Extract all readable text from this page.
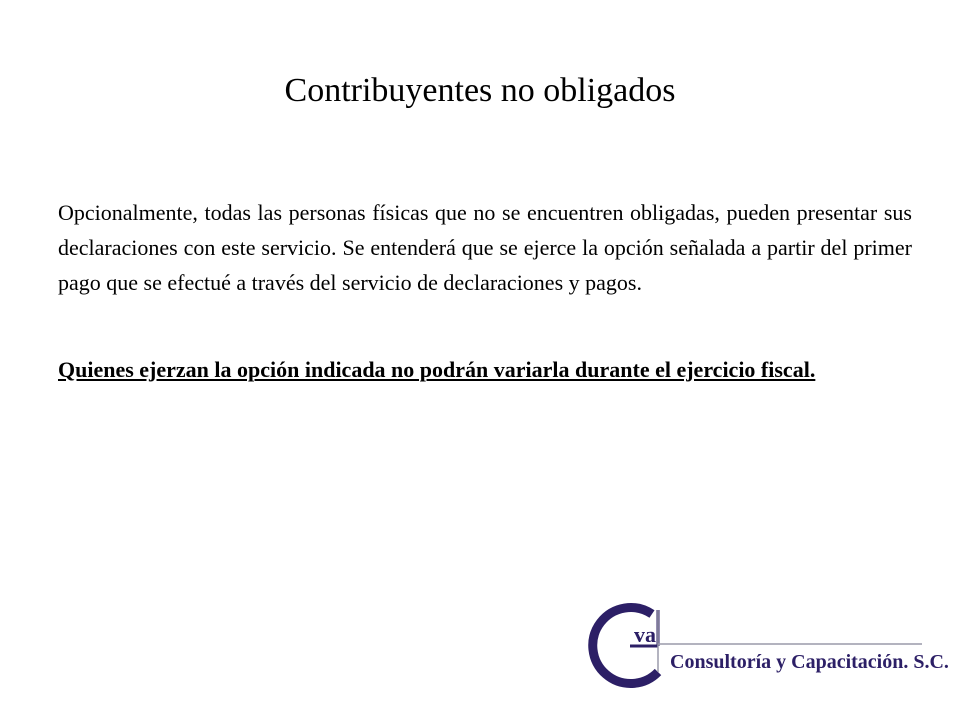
Contribuyentes no obligados

Opcionalmente, todas las personas físicas que no se encuentren obligadas, pueden presentar sus declaraciones con este servicio. Se entenderá que se ejerce la opción señalada a partir del primer pago que se efectué a través del servicio de declaraciones y pagos.

Quienes ejerzan la opción indicada no podrán variarla durante el ejercicio fiscal.

va
Consultoría y Capacitación. S.C.
